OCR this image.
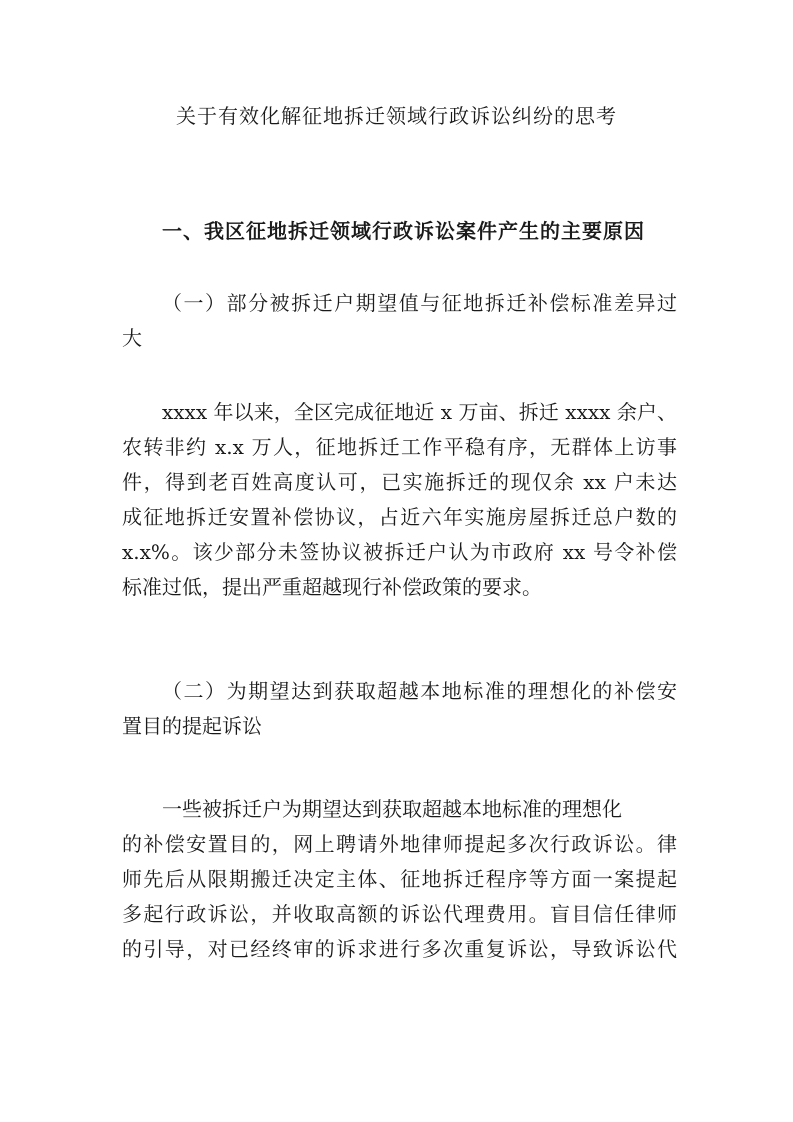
关于有效化解征地拆迁领域行政诉讼纠纷的思考
一、我区征地拆迁领域行政诉讼案件产生的主要原因
（一）部分被拆迁户期望值与征地拆迁补偿标准差异过
大
xxxx 年以来，全区完成征地近 x 万亩、拆迁 xxxx 余户、
农转非约 x.x 万人，征地拆迁工作平稳有序，无群体上访事
件，得到老百姓高度认可，已实施拆迁的现仅余 xx 户未达
成征地拆迁安置补偿协议，占近六年实施房屋拆迁总户数的
x.x%。该少部分未签协议被拆迁户认为市政府 xx 号令补偿
标准过低，提出严重超越现行补偿政策的要求。
（二）为期望达到获取超越本地标准的理想化的补偿安
置目的提起诉讼
一些被拆迁户为期望达到获取超越本地标准的理想化
的补偿安置目的，网上聘请外地律师提起多次行政诉讼。律
师先后从限期搬迁决定主体、征地拆迁程序等方面一案提起
多起行政诉讼，并收取高额的诉讼代理费用。盲目信任律师
的引导，对已经终审的诉求进行多次重复诉讼，导致诉讼代
